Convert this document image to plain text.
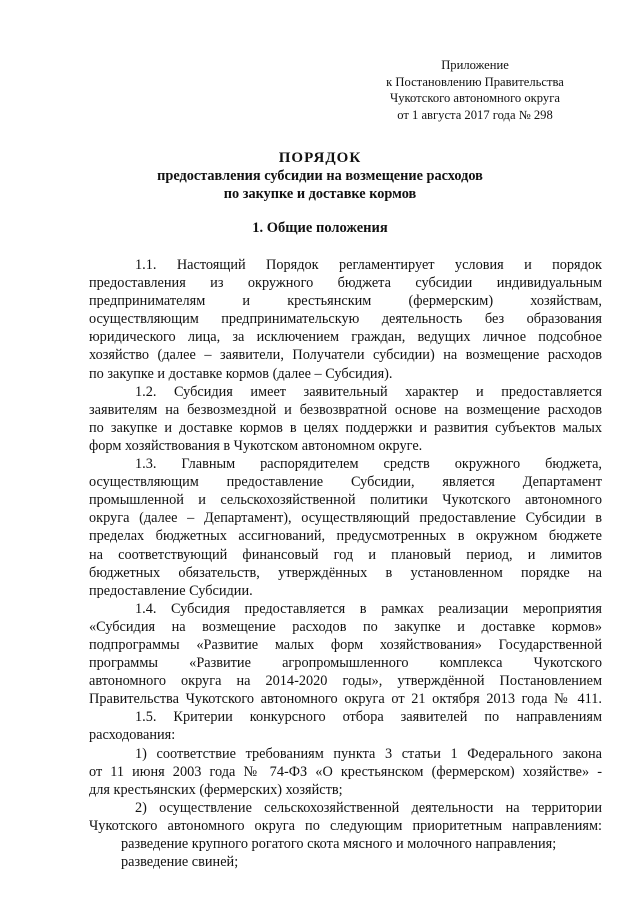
Приложение
к Постановлению Правительства
Чукотского автономного округа
от 1 августа 2017 года № 298
ПОРЯДОК
предоставления субсидии на возмещение расходов
по закупке и доставке кормов
1. Общие положения
1.1. Настоящий Порядок регламентирует условия и порядок
предоставления из окружного бюджета субсидии индивидуальным
предпринимателям и крестьянским (фермерским) хозяйствам,
осуществляющим предпринимательскую деятельность без образования
юридического лица, за исключением граждан, ведущих личное подсобное
хозяйство (далее – заявители, Получатели субсидии) на возмещение расходов
по закупке и доставке кормов (далее – Субсидия).
1.2. Субсидия имеет заявительный характер и предоставляется
заявителям на безвозмездной и безвозвратной основе на возмещение расходов
по закупке и доставке кормов в целях поддержки и развития субъектов малых
форм хозяйствования в Чукотском автономном округе.
1.3. Главным распорядителем средств окружного бюджета,
осуществляющим предоставление Субсидии, является Департамент
промышленной и сельскохозяйственной политики Чукотского автономного
округа (далее – Департамент), осуществляющий предоставление Субсидии в
пределах бюджетных ассигнований, предусмотренных в окружном бюджете
на соответствующий финансовый год и плановый период, и лимитов
бюджетных обязательств, утверждённых в установленном порядке на
предоставление Субсидии.
1.4. Субсидия предоставляется в рамках реализации мероприятия
«Субсидия на возмещение расходов по закупке и доставке кормов»
подпрограммы «Развитие малых форм хозяйствования» Государственной
программы «Развитие агропромышленного комплекса Чукотского
автономного округа на 2014-2020 годы», утверждённой Постановлением
Правительства Чукотского автономного округа от 21 октября 2013 года № 411.
1.5. Критерии конкурсного отбора заявителей по направлениям
расходования:
1) соответствие требованиям пункта 3 статьи 1 Федерального закона
от 11 июня 2003 года № 74-ФЗ «О крестьянском (фермерском) хозяйстве» -
для крестьянских (фермерских) хозяйств;
2) осуществление сельскохозяйственной деятельности на территории
Чукотского автономного округа по следующим приоритетным направлениям:
разведение крупного рогатого скота мясного и молочного направления;
разведение свиней;
